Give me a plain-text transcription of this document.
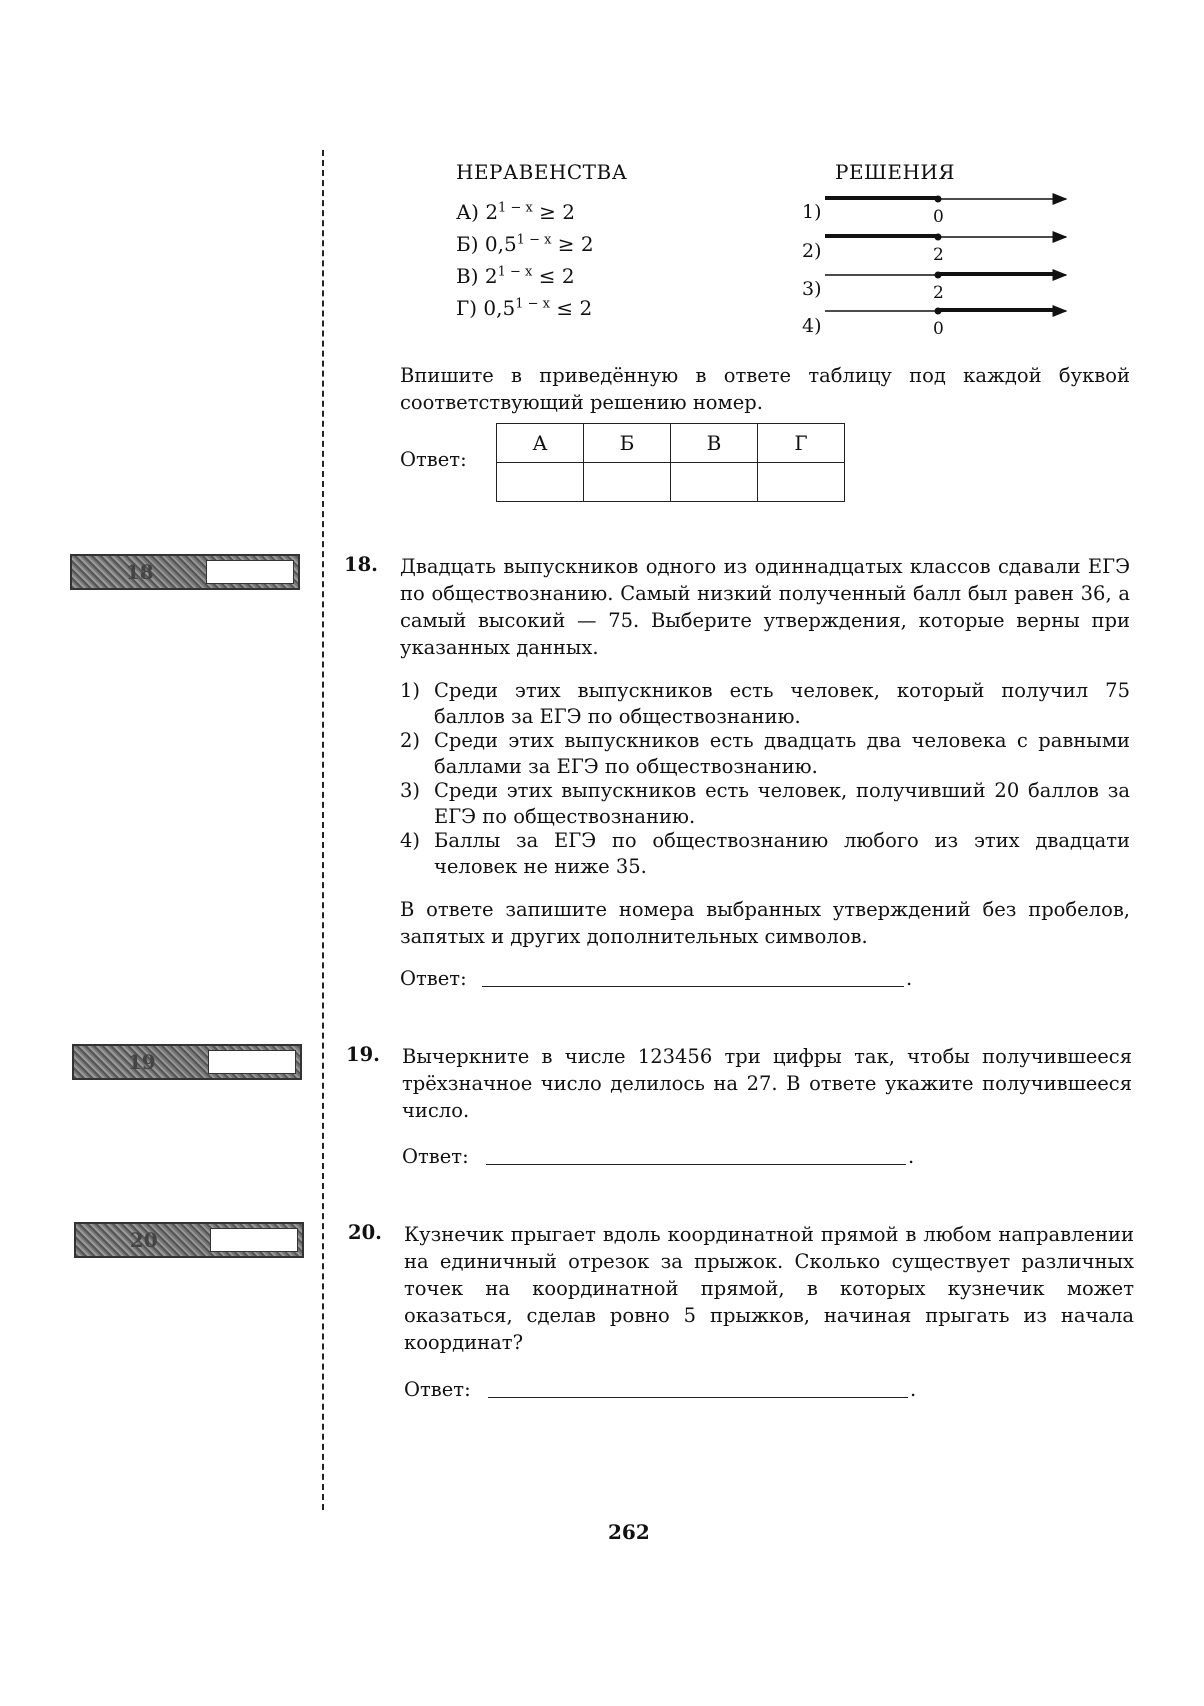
НЕРАВЕНСТВА	РЕШЕНИЯ
А) $2^{1 - x} \ge 2$
Б) $0,5^{1 - x} \ge 2$
В) $2^{1 - x} \le 2$
Г) $0,5^{1 - x} \le 2$
1)
2)
3)
4)
0
2
2
0
Впишите в приведённую в ответе таблицу под каждой буквой соответствующий решению номер.
Ответ:
А	Б	В	Г

18	18. Двадцать выпускников одного из одиннадцатых классов сдавали ЕГЭ по обществознанию. Самый низкий полученный балл был равен 36, а самый высокий — 75. Выберите утверждения, которые верны при указанных данных.
1) Среди этих выпускников есть человек, который получил 75 баллов за ЕГЭ по обществознанию.
2) Среди этих выпускников есть двадцать два человека с равными баллами за ЕГЭ по обществознанию.
3) Среди этих выпускников есть человек, получивший 20 баллов за ЕГЭ по обществознанию.
4) Баллы за ЕГЭ по обществознанию любого из этих двадцати человек не ниже 35.
В ответе запишите номера выбранных утверждений без пробелов, запятых и других дополнительных символов.
Ответ:	.
19	19. Вычеркните в числе 123456 три цифры так, чтобы получившееся трёхзначное число делилось на 27. В ответе укажите получившееся число.
Ответ:	.
20	20. Кузнечик прыгает вдоль координатной прямой в любом направлении на единичный отрезок за прыжок. Сколько существует различных точек на координатной прямой, в которых кузнечик может оказаться, сделав ровно 5 прыжков, начиная прыгать из начала координат?
Ответ:	.
262
